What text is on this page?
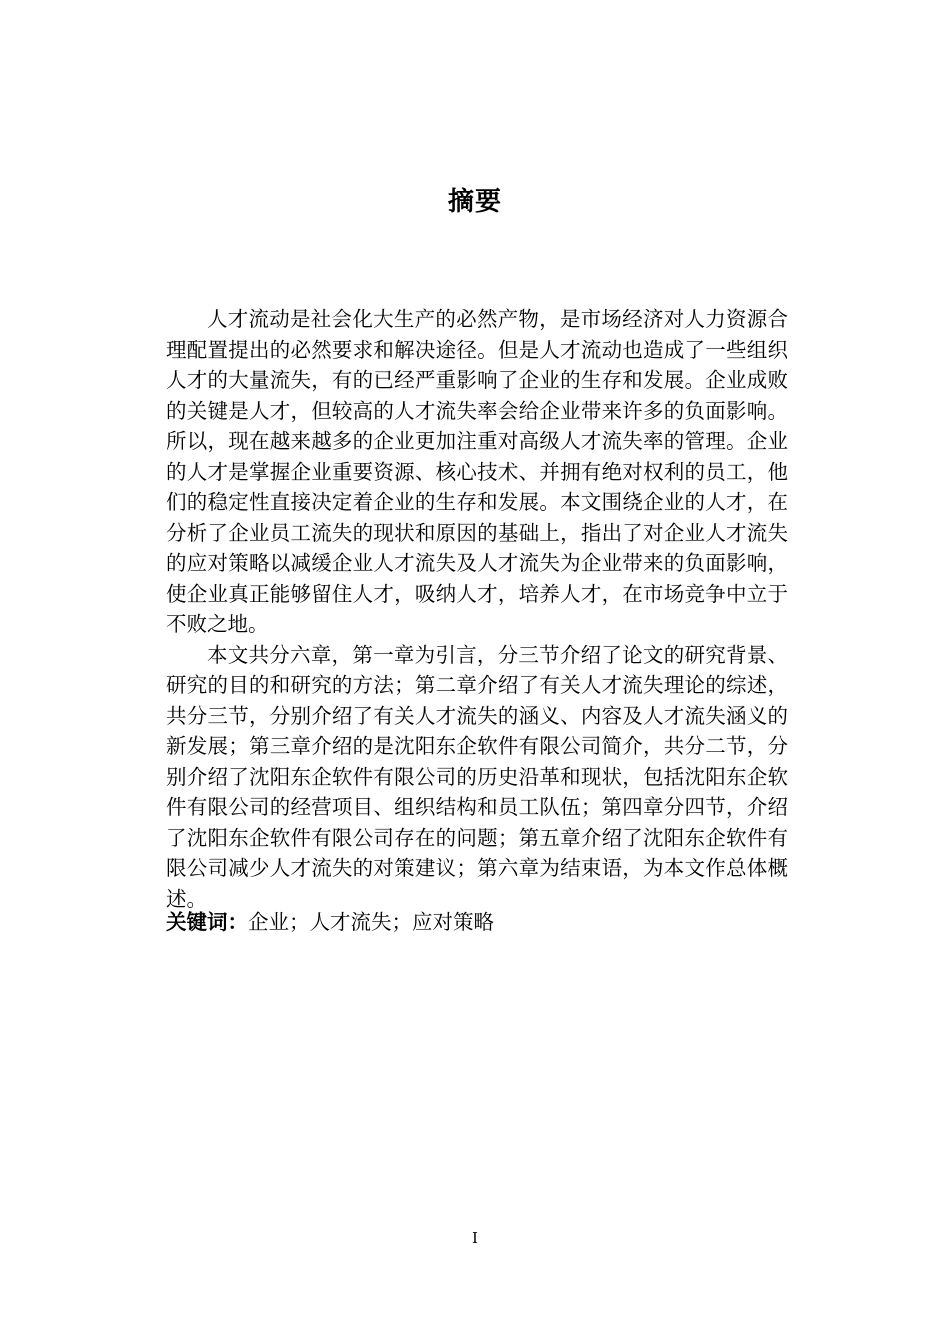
摘要

人才流动是社会化大生产的必然产物，是市场经济对人力资源合理配置提出的必然要求和解决途径。但是人才流动也造成了一些组织人才的大量流失，有的已经严重影响了企业的生存和发展。企业成败的关键是人才，但较高的人才流失率会给企业带来许多的负面影响。所以，现在越来越多的企业更加注重对高级人才流失率的管理。企业的人才是掌握企业重要资源、核心技术、并拥有绝对权利的员工，他们的稳定性直接决定着企业的生存和发展。本文围绕企业的人才，在分析了企业员工流失的现状和原因的基础上，指出了对企业人才流失的应对策略以减缓企业人才流失及人才流失为企业带来的负面影响，使企业真正能够留住人才，吸纳人才，培养人才，在市场竞争中立于不败之地。

本文共分六章，第一章为引言，分三节介绍了论文的研究背景、研究的目的和研究的方法；第二章介绍了有关人才流失理论的综述，共分三节，分别介绍了有关人才流失的涵义、内容及人才流失涵义的新发展；第三章介绍的是沈阳东企软件有限公司简介，共分二节，分别介绍了沈阳东企软件有限公司的历史沿革和现状，包括沈阳东企软件有限公司的经营项目、组织结构和员工队伍；第四章分四节，介绍了沈阳东企软件有限公司存在的问题；第五章介绍了沈阳东企软件有限公司减少人才流失的对策建议；第六章为结束语，为本文作总体概述。

关键词：企业；人才流失；应对策略
I
